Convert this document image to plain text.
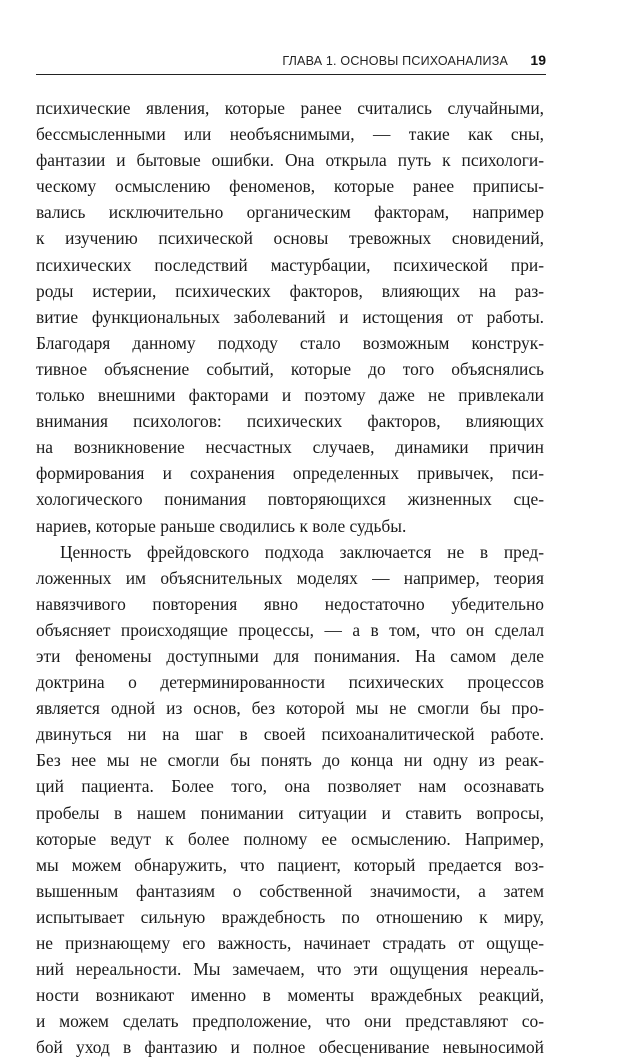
ГЛАВА 1. ОСНОВЫ ПСИХОАНАЛИЗА 19
психические явления, которые ранее считались случайными,
бессмысленными или необъяснимыми, — такие как сны,
фантазии и бытовые ошибки. Она открыла путь к психологи-
ческому осмыслению феноменов, которые ранее приписы-
вались исключительно органическим факторам, например
к изучению психической основы тревожных сновидений,
психических последствий мастурбации, психической при-
роды истерии, психических факторов, влияющих на раз-
витие функциональных заболеваний и истощения от работы.
Благодаря данному подходу стало возможным конструк-
тивное объяснение событий, которые до того объяснялись
только внешними факторами и поэтому даже не привлекали
внимания психологов: психических факторов, влияющих
на возникновение несчастных случаев, динамики причин
формирования и сохранения определенных привычек, пси-
хологического понимания повторяющихся жизненных сце-
нариев, которые раньше сводились к воле судьбы.
Ценность фрейдовского подхода заключается не в пред-
ложенных им объяснительных моделях — например, теория
навязчивого повторения явно недостаточно убедительно
объясняет происходящие процессы, — а в том, что он сделал
эти феномены доступными для понимания. На самом деле
доктрина о детерминированности психических процессов
является одной из основ, без которой мы не смогли бы про-
двинуться ни на шаг в своей психоаналитической работе.
Без нее мы не смогли бы понять до конца ни одну из реак-
ций пациента. Более того, она позволяет нам осознавать
пробелы в нашем понимании ситуации и ставить вопросы,
которые ведут к более полному ее осмыслению. Например,
мы можем обнаружить, что пациент, который предается воз-
вышенным фантазиям о собственной значимости, а затем
испытывает сильную враждебность по отношению к миру,
не признающему его важность, начинает страдать от ощуще-
ний нереальности. Мы замечаем, что эти ощущения нереаль-
ности возникают именно в моменты враждебных реакций,
и можем сделать предположение, что они представляют со-
бой уход в фантазию и полное обесценивание невыносимой
